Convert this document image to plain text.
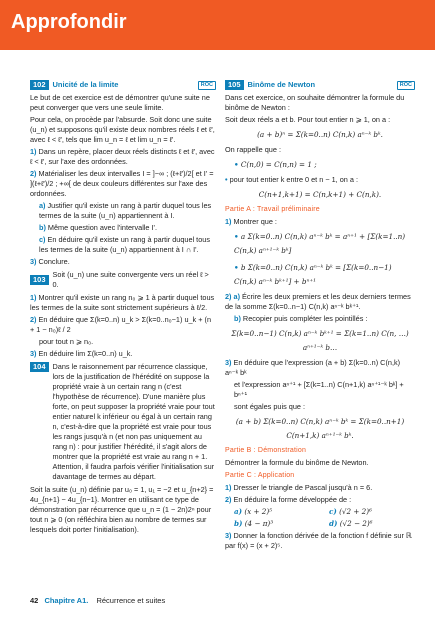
Approfondir
102 Unicité de la limite	ROC

Le but de cet exercice est de démontrer qu'une suite ne peut converger que vers une seule limite.

Pour cela, on procède par l'absurde. Soit donc une suite (u_n) et supposons qu'il existe deux nombres réels ℓ et ℓ', avec ℓ < ℓ', tels que lim u_n = ℓ et lim u_n = ℓ'.

1) Dans un repère, placer deux réels distincts ℓ et ℓ', avec ℓ < ℓ', sur l'axe des ordonnées.
2) Matérialiser les deux intervalles I = ]−∞ ; (ℓ+ℓ')/2[ et I' = ](ℓ+ℓ')/2 ; +∞[ de deux couleurs différentes sur l'axe des ordonnées.
a) Justifier qu'il existe un rang à partir duquel tous les termes de la suite (u_n) appartiennent à I.
b) Même question avec l'intervalle I'.
c) En déduire qu'il existe un rang à partir duquel tous les termes de la suite (u_n) appartiennent à I ∩ I'.
3) Conclure.
103
Soit (u_n) une suite convergente vers un réel ℓ > 0.
1) Montrer qu'il existe un rang n₀ ⩾ 1 à partir duquel tous les termes de la suite sont strictement supérieurs à ℓ/2.
2) En déduire que Σ(k=0..n) u_k > Σ(k=0..n₀−1) u_k + (n + 1 − n₀)ℓ / 2
pour tout n ⩾ n₀.
3) En déduire lim Σ(k=0..n) u_k.
104 Dans le raisonnement par récurrence classique, lors de la justification de l'hérédité on suppose la propriété vraie à un certain rang n (c'est l'hypothèse de récurrence). D'une manière plus forte, on peut supposer la propriété vraie pour tout entier naturel k inférieur ou égal à un certain rang n, c'est-à-dire que la propriété est vraie pour tous les rangs jusqu'à n (et non pas uniquement au rang n) : pour justifier l'hérédité, il s'agit alors de montrer que la propriété est vraie au rang n + 1. Attention, il faudra parfois vérifier l'initialisation sur davantage de termes au départ.

Soit la suite (u_n) définie par u₀ = 1, u₁ = −2 et u_{n+2} = 4u_{n+1} − 4u_{n−1}. Montrer en utilisant ce type de démonstration par récurrence que u_n = (1 − 2n)2ⁿ pour tout n ⩾ 0 (on réfléchira bien au nombre de termes sur lesquels doit porter l'initialisation).

105 Binôme de Newton	ROC

Dans cet exercice, on souhaite démontrer la formule du binôme de Newton :

Soit deux réels a et b. Pour tout entier n ⩾ 1, on a :

(a + b)ⁿ = Σ(k=0..n) C(n,k) aⁿ⁻ᵏ bᵏ.

On rappelle que :

• C(n,0) = C(n,n) = 1 ;
• pour tout entier k entre 0 et n − 1, on a :
C(n+1,k+1) = C(n,k+1) + C(n,k).
Partie A : Travail préliminaire
1) Montrer que :
• a Σ(k=0..n) C(n,k) aⁿ⁻ᵏ bᵏ = aⁿ⁺¹ + [Σ(k=1..n) C(n,k) aⁿ⁺¹⁻ᵏ bᵏ]
• b Σ(k=0..n) C(n,k) aⁿ⁻ᵏ bᵏ = [Σ(k=0..n−1) C(n,k) aⁿ⁻ᵏ bᵏ⁺¹] + bⁿ⁺¹
2) a) Écrire les deux premiers et les deux derniers termes de la somme Σ(k=0..n−1) C(n,k) aⁿ⁻ᵏ bᵏ⁺¹.
b) Recopier puis compléter les pointillés :
Σ(k=0..n−1) C(n,k) aⁿ⁻ᵏ bᵏ⁺¹ = Σ(k=1..n) C(n, …) aⁿ⁺¹⁻ᵏ b…
3) En déduire que l'expression (a + b) Σ(k=0..n) C(n,k) aⁿ⁻ᵏ bᵏ
et l'expression aⁿ⁺¹ + [Σ(k=1..n) C(n+1,k) aⁿ⁺¹⁻ᵏ bᵏ] + bⁿ⁺¹
sont égales puis que :
(a + b) Σ(k=0..n) C(n,k) aⁿ⁻ᵏ bᵏ = Σ(k=0..n+1) C(n+1,k) aⁿ⁺¹⁻ᵏ bᵏ.
Partie B : Démonstration

Démontrer la formule du binôme de Newton.

Partie C : Application
1) Dresser le triangle de Pascal jusqu'à n = 6.
2) En déduire la forme développée de :
a) (x + 2)⁵	c) (√2 + 2)⁶
b) (4 − π)³	d) (√2 − 2)⁶
3) Donner la fonction dérivée de la fonction f définie sur ℝ par f(x) = (x + 2)⁵.
42 Chapitre A1. Récurrence et suites
